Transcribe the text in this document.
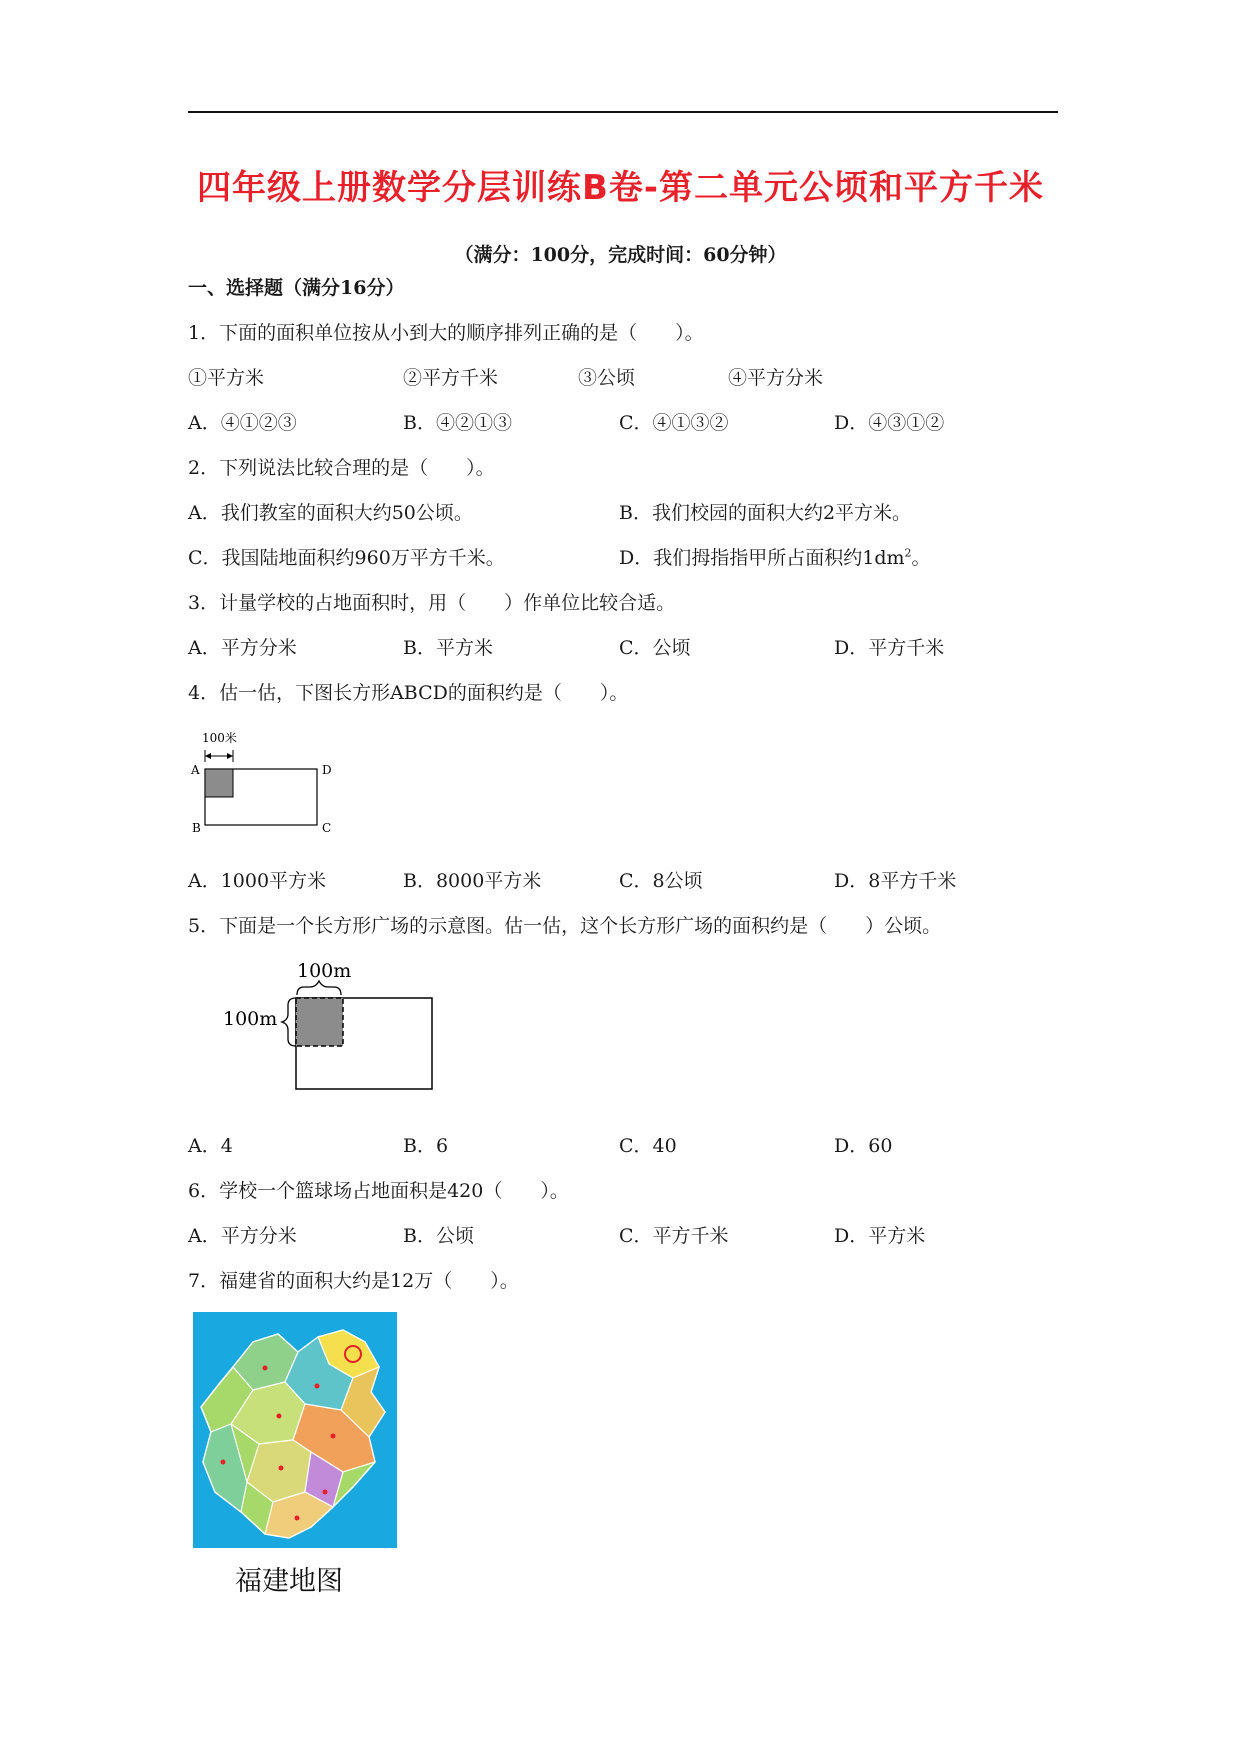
四年级上册数学分层训练B卷-第二单元公顷和平方千米
（满分：100分，完成时间：60分钟）
一、选择题（满分16分）
1．下面的面积单位按从小到大的顺序排列正确的是（　　）。
①平方米	②平方千米	③公顷	④平方分米
A．④①②③	B．④②①③	C．④①③②	D．④③①②
2．下列说法比较合理的是（　　）。
A．我们教室的面积大约50公顷。	B．我们校园的面积大约2平方米。
C．我国陆地面积约960万平方千米。	D．我们拇指指甲所占面积约$1dm^2$。
3．计量学校的占地面积时，用（　　）作单位比较合适。
A．平方分米	B．平方米	C．公顷	D．平方千米
4．估一估，下图长方形ABCD的面积约是（　　）。
100米
A	D
B	C
A．1000平方米	B．8000平方米	C．8公顷	D．8平方千米
5．下面是一个长方形广场的示意图。估一估，这个长方形广场的面积约是（　　）公顷。
100m
100m
A．4	B．6	C．40	D．60
6．学校一个篮球场占地面积是420（　　）。
A．平方分米	B．公顷	C．平方千米	D．平方米
7．福建省的面积大约是12万（　　）。
福建地图
